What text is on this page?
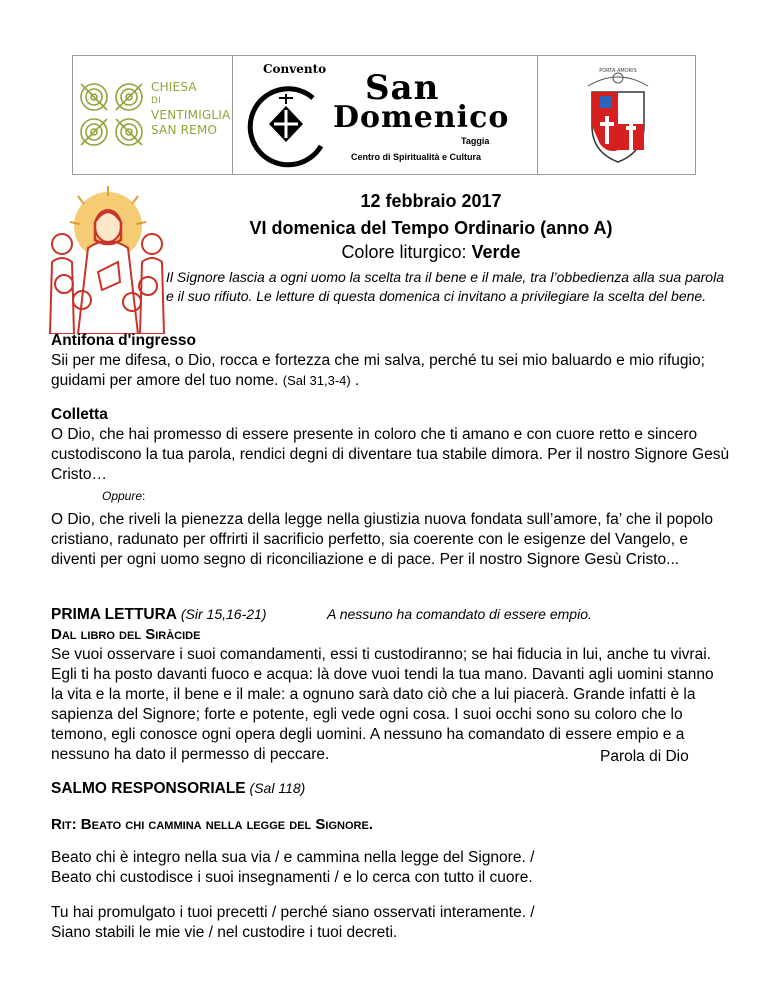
CHIESA
DI
VENTIMIGLIA
SAN REMO
Convento San
Domenico
Taggia
Centro di Spiritualità e Cultura
PORTA AMORIS
12 febbraio 2017
VI domenica del Tempo Ordinario (anno A)
Colore liturgico: Verde
Il Signore lascia a ogni uomo la scelta tra il bene e il male, tra l’obbedienza alla sua parola e il suo rifiuto. Le letture di questa domenica ci invitano a privilegiare la scelta del bene.
Antifona d'ingresso
Sii per me difesa, o Dio, rocca e fortezza che mi salva, perché tu sei mio baluardo e mio rifugio; guidami per amore del tuo nome. (Sal 31,3-4) .
Colletta
O Dio, che hai promesso di essere presente in coloro che ti amano e con cuore retto e sincero custodiscono la tua parola, rendici degni di diventare tua stabile dimora. Per il nostro Signore Gesù Cristo…
Oppure:
O Dio, che riveli la pienezza della legge nella giustizia nuova fondata sull’amore, fa’ che il popolo cristiano, radunato per offrirti il sacrificio perfetto, sia coerente con le esigenze del Vangelo, e diventi per ogni uomo segno di riconciliazione e di pace. Per il nostro Signore Gesù Cristo...
PRIMA LETTURA (Sir 15,16-21)	A nessuno ha comandato di essere empio.
Dal libro del Siràcide
Se vuoi osservare i suoi comandamenti, essi ti custodiranno; se hai fiducia in lui, anche tu vivrai. Egli ti ha posto davanti fuoco e acqua: là dove vuoi tendi la tua mano. Davanti agli uomini stanno la vita e la morte, il bene e il male: a ognuno sarà dato ciò che a lui piacerà. Grande infatti è la sapienza del Signore; forte e potente, egli vede ogni cosa. I suoi occhi sono su coloro che lo temono, egli conosce ogni opera degli uomini. A nessuno ha comandato di essere empio e a nessuno ha dato il permesso di peccare.	Parola di Dio
SALMO RESPONSORIALE (Sal 118)
Rit: Beato chi cammina nella legge del Signore.
Beato chi è integro nella sua via / e cammina nella legge del Signore. /
Beato chi custodisce i suoi insegnamenti / e lo cerca con tutto il cuore.
Tu hai promulgato i tuoi precetti / perché siano osservati interamente. /
Siano stabili le mie vie / nel custodire i tuoi decreti.
